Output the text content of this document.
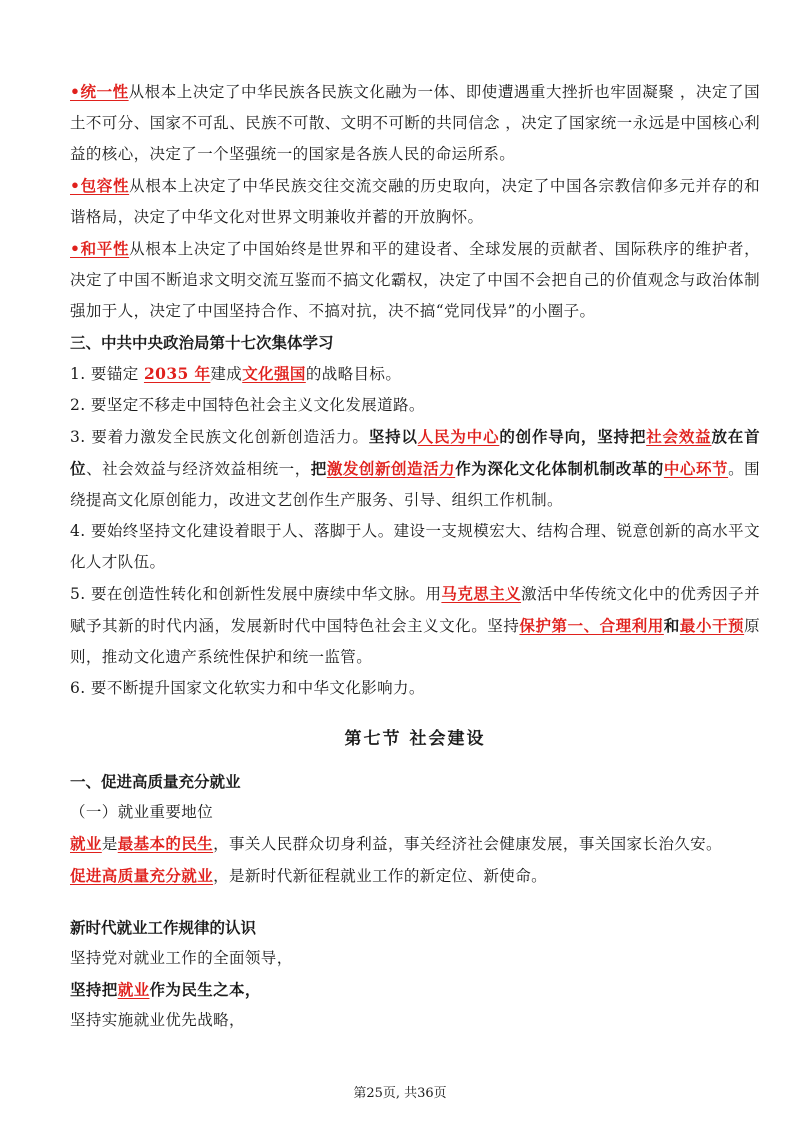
•统一性从根本上决定了中华民族各民族文化融为一体、即使遭遇重大挫折也牢固凝聚 ，决定了国土不可分、国家不可乱、民族不可散、文明不可断的共同信念 ，决定了国家统一永远是中国核心利益的核心，决定了一个坚强统一的国家是各族人民的命运所系。

•包容性从根本上决定了中华民族交往交流交融的历史取向，决定了中国各宗教信仰多元并存的和谐格局，决定了中华文化对世界文明兼收并蓄的开放胸怀。

•和平性从根本上决定了中国始终是世界和平的建设者、全球发展的贡献者、国际秩序的维护者，决定了中国不断追求文明交流互鉴而不搞文化霸权，决定了中国不会把自己的价值观念与政治体制强加于人，决定了中国坚持合作、不搞对抗，决不搞“党同伐异”的小圈子。

三、中共中央政治局第十七次集体学习

1. 要锚定 2035 年建成文化强国的战略目标。

2. 要坚定不移走中国特色社会主义文化发展道路。

3. 要着力激发全民族文化创新创造活力。坚持以人民为中心的创作导向，坚持把社会效益放在首位、社会效益与经济效益相统一，把激发创新创造活力作为深化文化体制机制改革的中心环节。围绕提高文化原创能力，改进文艺创作生产服务、引导、组织工作机制。

4. 要始终坚持文化建设着眼于人、落脚于人。建设一支规模宏大、结构合理、锐意创新的高水平文化人才队伍。

5. 要在创造性转化和创新性发展中赓续中华文脉。用马克思主义激活中华传统文化中的优秀因子并赋予其新的时代内涵，发展新时代中国特色社会主义文化。坚持保护第一、合理利用和最小干预原则，推动文化遗产系统性保护和统一监管。

6. 要不断提升国家文化软实力和中华文化影响力。

第七节 社会建设

一、促进高质量充分就业

（一）就业重要地位

就业是最基本的民生，事关人民群众切身利益，事关经济社会健康发展，事关国家长治久安。

促进高质量充分就业，是新时代新征程就业工作的新定位、新使命。

新时代就业工作规律的认识

坚持党对就业工作的全面领导，

坚持把就业作为民生之本，

坚持实施就业优先战略，

第25页, 共36页
